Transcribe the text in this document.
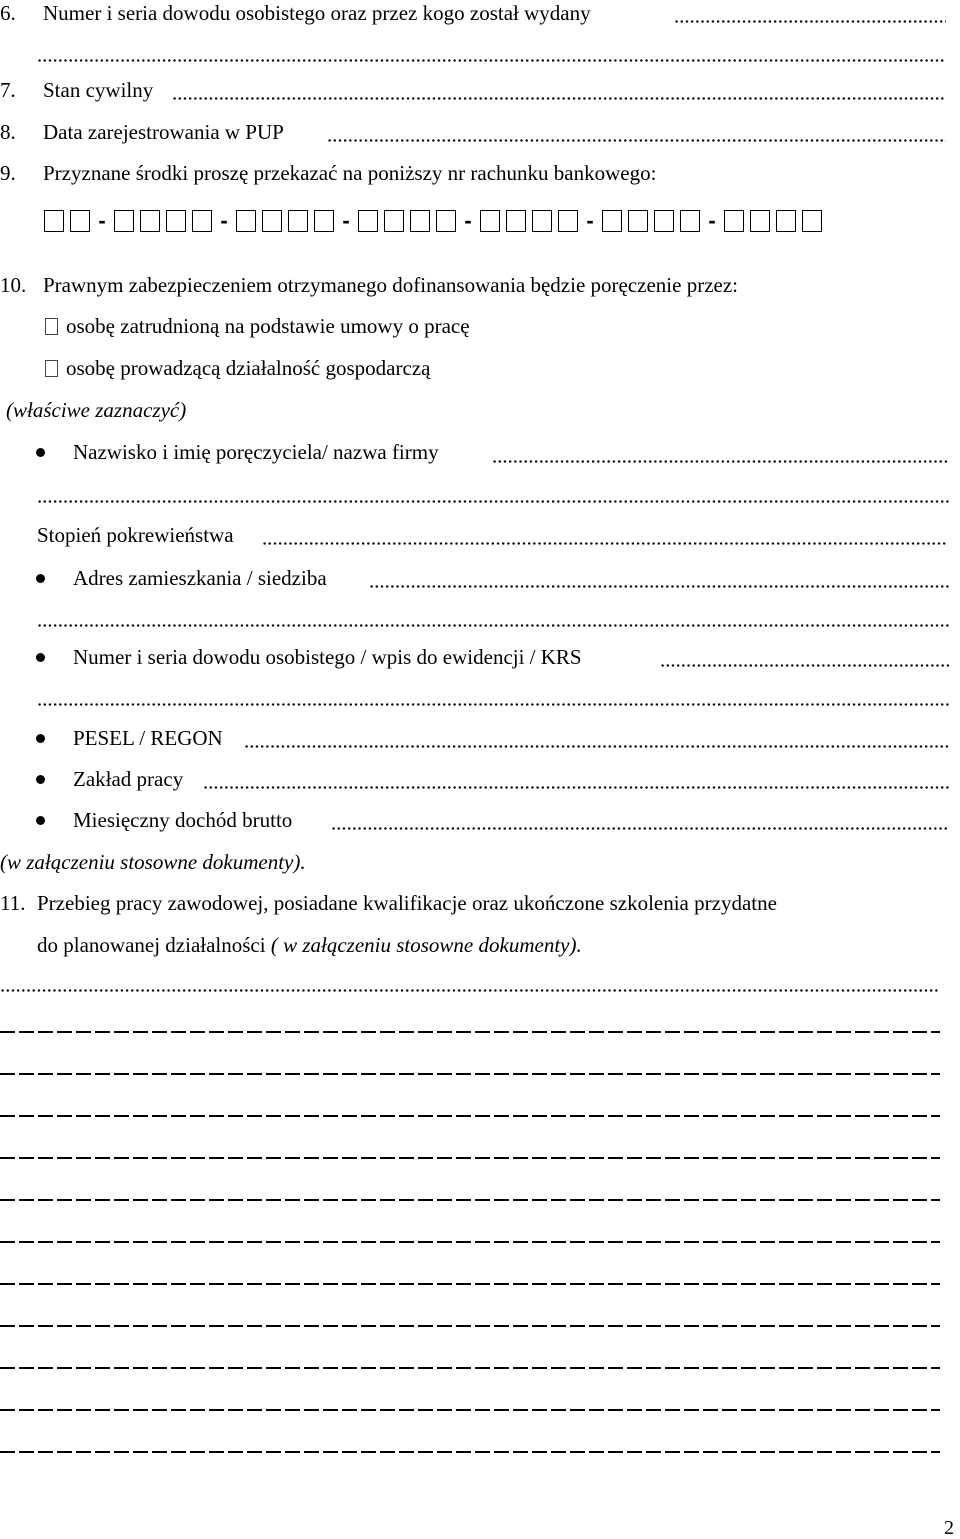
6. Numer i seria dowodu osobistego oraz przez kogo został wydany
7. Stan cywilny
8. Data zarejestrowania w PUP
9. Przyznane środki proszę przekazać na poniższy nr rachunku bankowego:
-	-	-	-	-	-
10. Prawnym zabezpieczeniem otrzymanego dofinansowania będzie poręczenie przez:
osobę zatrudnioną na podstawie umowy o pracę
osobę prowadzącą działalność gospodarczą
(właściwe zaznaczyć)
Nazwisko i imię poręczyciela/ nazwa firmy
Stopień pokrewieństwa
Adres zamieszkania / siedziba
Numer i seria dowodu osobistego / wpis do ewidencji / KRS
PESEL / REGON
Zakład pracy
Miesięczny dochód brutto
(w załączeniu stosowne dokumenty).
11. Przebieg pracy zawodowej, posiadane kwalifikacje oraz ukończone szkolenia przydatne
do planowanej działalności ( w załączeniu stosowne dokumenty).
2
